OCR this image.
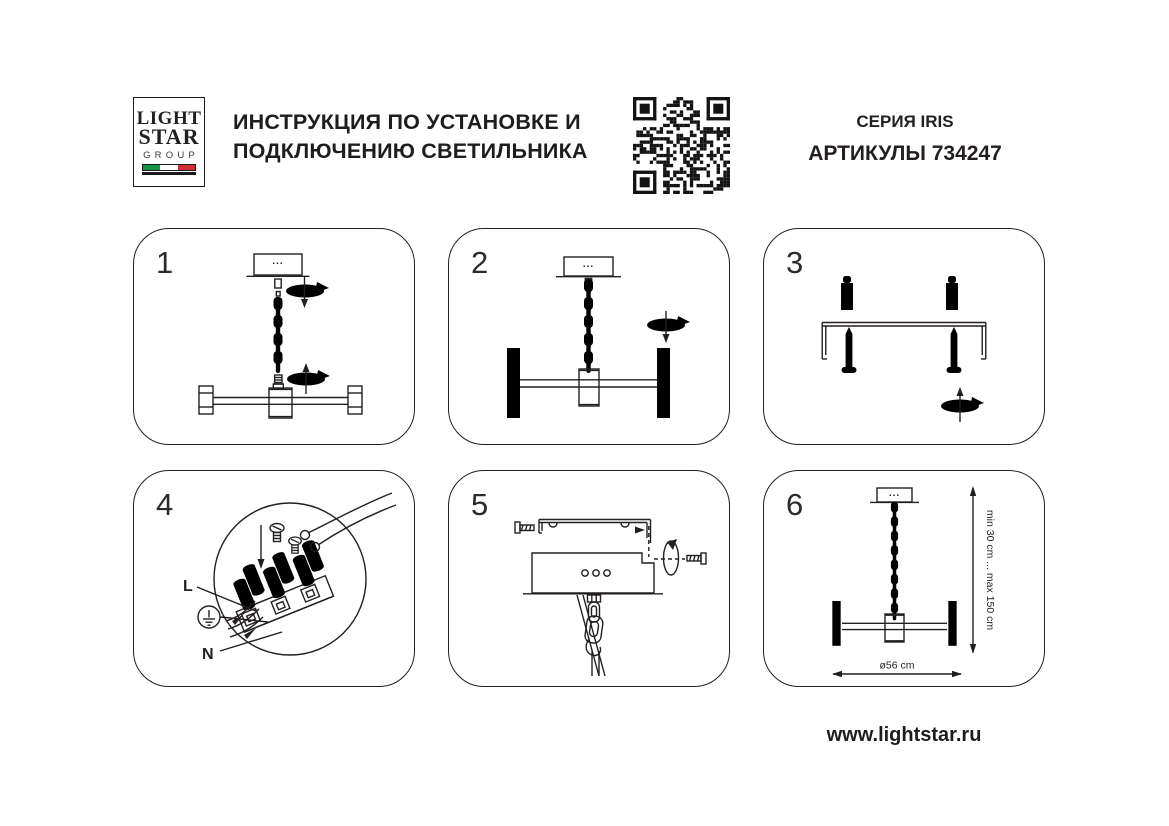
LIGHT
STAR
GROUP
ИНСТРУКЦИЯ ПО УСТАНОВКЕ И
ПОДКЛЮЧЕНИЮ СВЕТИЛЬНИКА
СЕРИЯ IRIS
АРТИКУЛЫ 734247
1	...	2	...	3
4
L
N
5	6	...
min 30 cm ... max 150 cm
ø56 cm
www.lightstar.ru
